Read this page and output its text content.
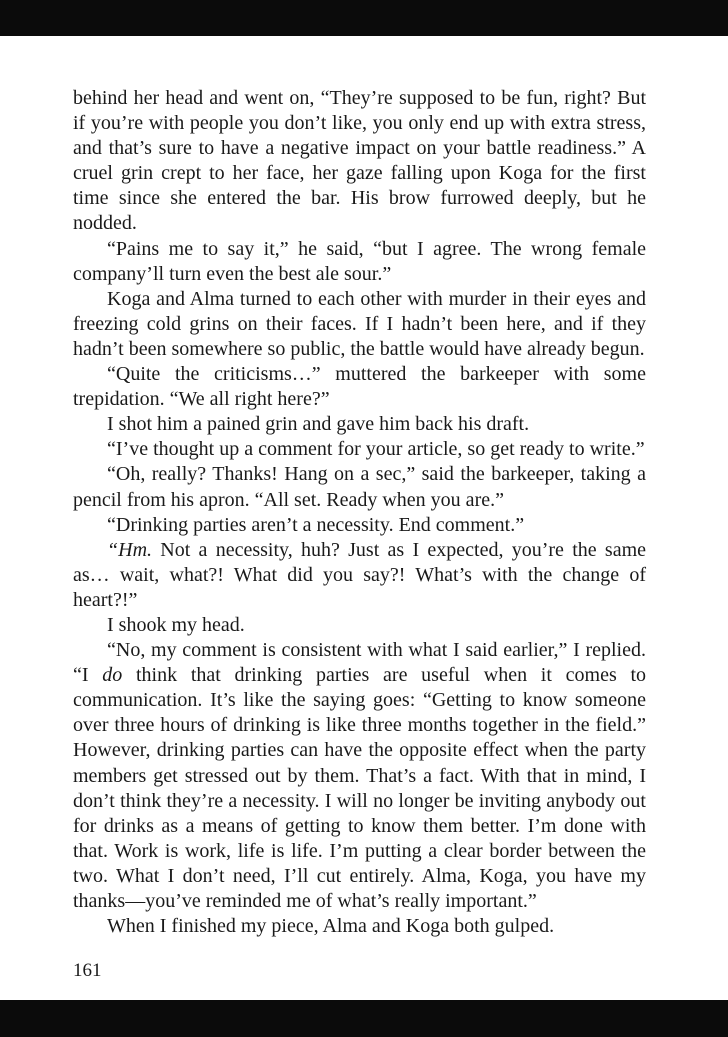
behind her head and went on, “They’re supposed to be fun, right? But if you’re with people you don’t like, you only end up with extra stress, and that’s sure to have a negative impact on your battle readiness.” A cruel grin crept to her face, her gaze falling upon Koga for the first time since she entered the bar. His brow furrowed deeply, but he nodded.

“Pains me to say it,” he said, “but I agree. The wrong female company’ll turn even the best ale sour.”

Koga and Alma turned to each other with murder in their eyes and freezing cold grins on their faces. If I hadn’t been here, and if they hadn’t been somewhere so public, the battle would have already begun.

“Quite the criticisms…” muttered the barkeeper with some trepidation. “We all right here?”

I shot him a pained grin and gave him back his draft.

“I’ve thought up a comment for your article, so get ready to write.”

“Oh, really? Thanks! Hang on a sec,” said the barkeeper, taking a pencil from his apron. “All set. Ready when you are.”

“Drinking parties aren’t a necessity. End comment.”

“Hm. Not a necessity, huh? Just as I expected, you’re the same as… wait, what?! What did you say?! What’s with the change of heart?!”

I shook my head.

“No, my comment is consistent with what I said earlier,” I replied. “I do think that drinking parties are useful when it comes to communication. It’s like the saying goes: “Getting to know someone over three hours of drinking is like three months together in the field.” However, drinking parties can have the opposite effect when the party members get stressed out by them. That’s a fact. With that in mind, I don’t think they’re a necessity. I will no longer be inviting anybody out for drinks as a means of getting to know them better. I’m done with that. Work is work, life is life. I’m putting a clear border between the two. What I don’t need, I’ll cut entirely. Alma, Koga, you have my thanks—you’ve reminded me of what’s really important.”

When I finished my piece, Alma and Koga both gulped.

161
